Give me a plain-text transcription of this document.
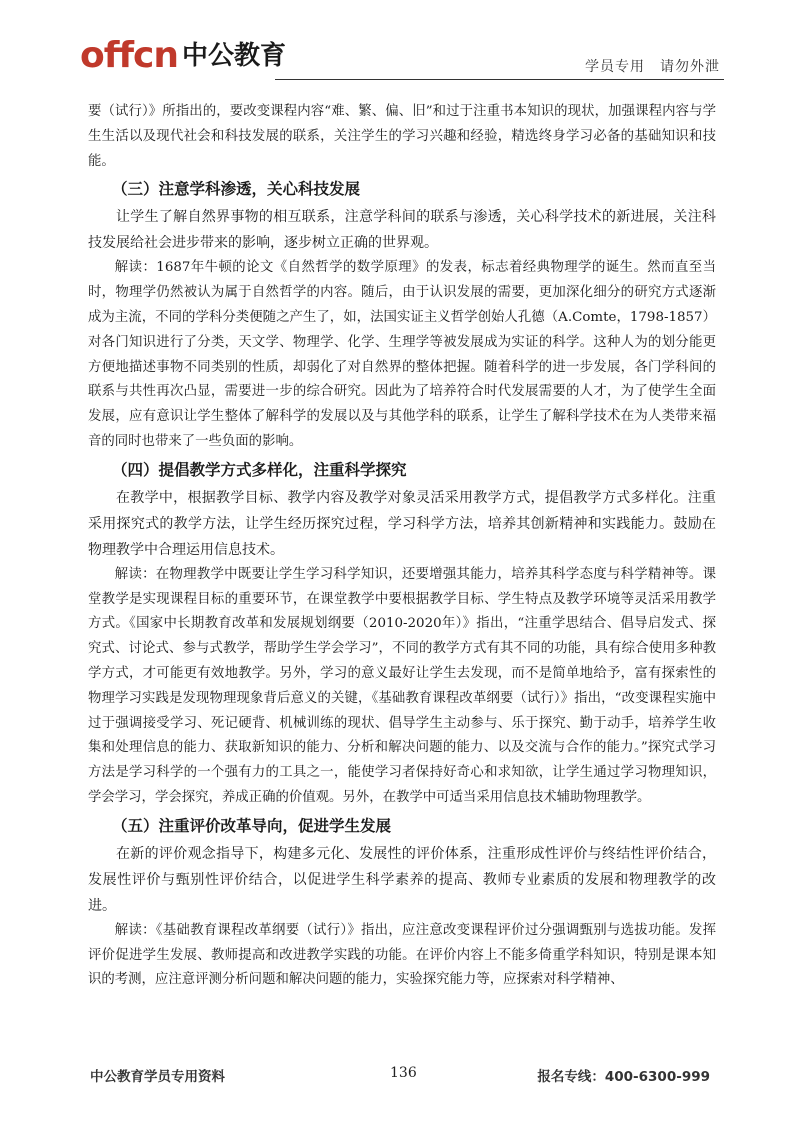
offcn 中公教育	学员专用　请勿外泄

要（试行）》所指出的，要改变课程内容“难、繁、偏、旧”和过于注重书本知识的现状，加强课程内容与学生生活以及现代社会和科技发展的联系，关注学生的学习兴趣和经验，精选终身学习必备的基础知识和技能。

（三）注意学科渗透，关心科技发展

让学生了解自然界事物的相互联系，注意学科间的联系与渗透，关心科学技术的新进展，关注科技发展给社会进步带来的影响，逐步树立正确的世界观。

解读：1687年牛顿的论文《自然哲学的数学原理》的发表，标志着经典物理学的诞生。然而直至当时，物理学仍然被认为属于自然哲学的内容。随后，由于认识发展的需要，更加深化细分的研究方式逐渐成为主流，不同的学科分类便随之产生了，如，法国实证主义哲学创始人孔德（A.Comte，1798-1857）对各门知识进行了分类，天文学、物理学、化学、生理学等被发展成为实证的科学。这种人为的划分能更方便地描述事物不同类别的性质，却弱化了对自然界的整体把握。随着科学的进一步发展，各门学科间的联系与共性再次凸显，需要进一步的综合研究。因此为了培养符合时代发展需要的人才，为了使学生全面发展，应有意识让学生整体了解科学的发展以及与其他学科的联系，让学生了解科学技术在为人类带来福音的同时也带来了一些负面的影响。

（四）提倡教学方式多样化，注重科学探究

在教学中，根据教学目标、教学内容及教学对象灵活采用教学方式，提倡教学方式多样化。注重采用探究式的教学方法，让学生经历探究过程，学习科学方法，培养其创新精神和实践能力。鼓励在物理教学中合理运用信息技术。

解读：在物理教学中既要让学生学习科学知识，还要增强其能力，培养其科学态度与科学精神等。课堂教学是实现课程目标的重要环节，在课堂教学中要根据教学目标、学生特点及教学环境等灵活采用教学方式。《国家中长期教育改革和发展规划纲要（2010-2020年）》指出，“注重学思结合、倡导启发式、探究式、讨论式、参与式教学，帮助学生学会学习”，不同的教学方式有其不同的功能，具有综合使用多种教学方式，才可能更有效地教学。另外，学习的意义最好让学生去发现，而不是简单地给予，富有探索性的物理学习实践是发现物理现象背后意义的关键，《基础教育课程改革纲要（试行）》指出，“改变课程实施中过于强调接受学习、死记硬背、机械训练的现状、倡导学生主动参与、乐于探究、勤于动手，培养学生收集和处理信息的能力、获取新知识的能力、分析和解决问题的能力、以及交流与合作的能力。”探究式学习方法是学习科学的一个强有力的工具之一，能使学习者保持好奇心和求知欲，让学生通过学习物理知识，学会学习，学会探究，养成正确的价值观。另外，在教学中可适当采用信息技术辅助物理教学。

（五）注重评价改革导向，促进学生发展

在新的评价观念指导下，构建多元化、发展性的评价体系，注重形成性评价与终结性评价结合，发展性评价与甄别性评价结合，以促进学生科学素养的提高、教师专业素质的发展和物理教学的改进。

解读：《基础教育课程改革纲要（试行）》指出，应注意改变课程评价过分强调甄别与选拔功能。发挥评价促进学生发展、教师提高和改进教学实践的功能。在评价内容上不能多倚重学科知识，特别是课本知识的考测，应注意评测分析问题和解决问题的能力，实验探究能力等，应探索对科学精神、

中公教育学员专用资料	136	报名专线：400-6300-999
